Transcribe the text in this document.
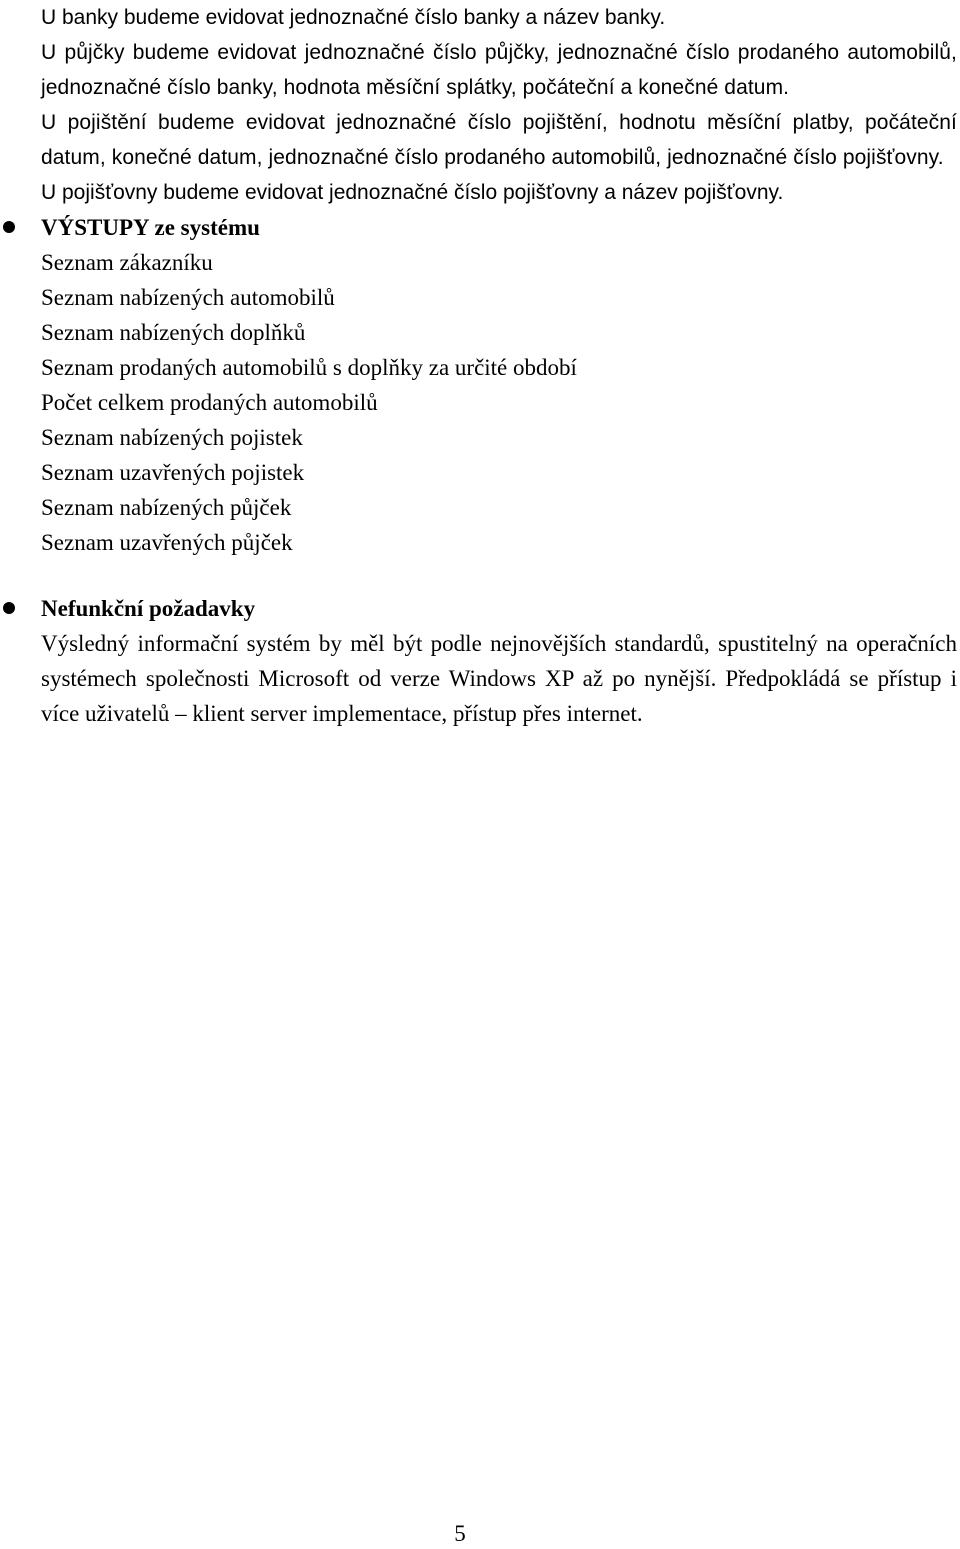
U banky budeme evidovat jednoznačné číslo banky a název banky.

U půjčky budeme evidovat jednoznačné číslo půjčky, jednoznačné číslo prodaného automobilů, jednoznačné číslo banky, hodnota měsíční splátky, počáteční a konečné datum.

U pojištění budeme evidovat jednoznačné číslo pojištění, hodnotu měsíční platby, počáteční datum, konečné datum, jednoznačné číslo prodaného automobilů, jednoznačné číslo pojišťovny.

U pojišťovny budeme evidovat jednoznačné číslo pojišťovny a název pojišťovny.

VÝSTUPY ze systému

Seznam zákazníku

Seznam nabízených automobilů

Seznam nabízených doplňků

Seznam prodaných automobilů s doplňky za určité období

Počet celkem prodaných automobilů

Seznam nabízených pojistek

Seznam uzavřených pojistek

Seznam nabízených půjček

Seznam uzavřených půjček

Nefunkční požadavky

Výsledný informační systém by měl být podle nejnovějších standardů, spustitelný na operačních systémech společnosti Microsoft od verze Windows XP až po nynější. Předpokládá se přístup i více uživatelů – klient server implementace, přístup přes internet.

5
